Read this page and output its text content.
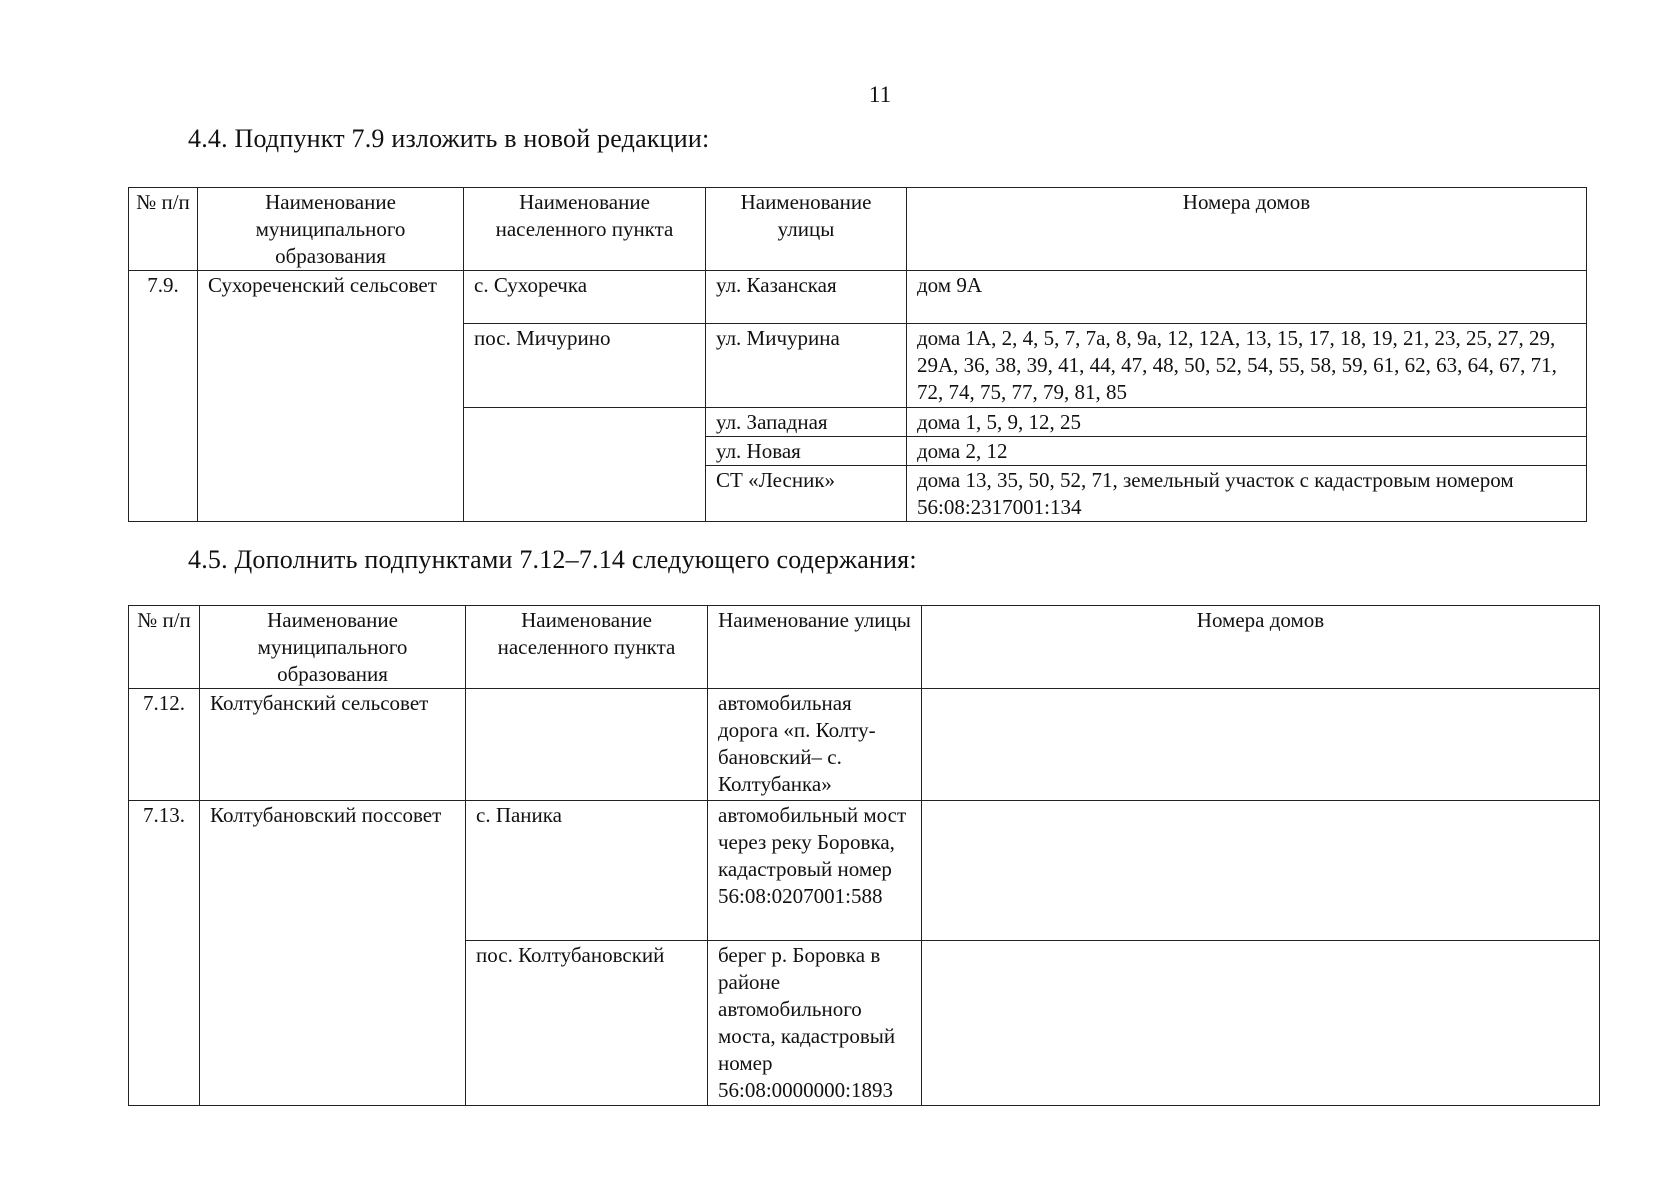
11
4.4. Подпункт 7.9 изложить в новой редакции:
№ п/п	Наименование муниципального образования	Наименование населенного пункта	Наименование улицы	Номера домов
7.9.	Сухореченский сельсовет	с. Сухоречка	ул. Казанская	дом 9А
		пос. Мичурино	ул. Мичурина	дома 1А, 2, 4, 5, 7, 7а, 8, 9а, 12, 12А, 13, 15, 17, 18, 19, 21, 23, 25, 27, 29, 29А, 36, 38, 39, 41, 44, 47, 48, 50, 52, 54, 55, 58, 59, 61, 62, 63, 64, 67, 71, 72, 74, 75, 77, 79, 81, 85
			ул. Западная	дома 1, 5, 9, 12, 25
			ул. Новая	дома 2, 12
			СТ «Лесник»	дома 13, 35, 50, 52, 71, земельный участок с кадастровым номером 56:08:2317001:134
4.5. Дополнить подпунктами 7.12–7.14 следующего содержания:
№ п/п	Наименование муниципального образования	Наименование населенного пункта	Наименование улицы	Номера домов
7.12.	Колтубанский сельсовет		автомобильная дорога «п. Колту-бановский– с. Колтубанка»	
7.13.	Колтубановский поссовет	с. Паника	автомобильный мост через реку Боровка, кадастровый номер 56:08:0207001:588	
		пос. Колтубановский	берег р. Боровка в районе автомобильного моста, кадастровый номер 56:08:0000000:1893	
